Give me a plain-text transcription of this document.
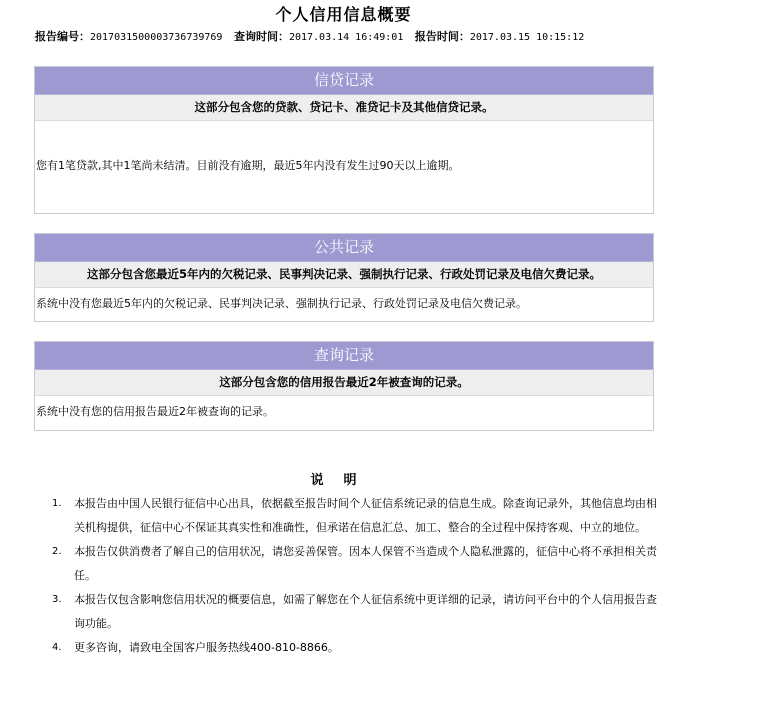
个人信用信息概要
报告编号：2017031500003736739769 查询时间：2017.03.14 16:49:01 报告时间：2017.03.15 10:15:12
信贷记录
这部分包含您的贷款、贷记卡、准贷记卡及其他信贷记录。
您有1笔贷款,其中1笔尚未结清。目前没有逾期，最近5年内没有发生过90天以上逾期。
公共记录
这部分包含您最近5年内的欠税记录、民事判决记录、强制执行记录、行政处罚记录及电信欠费记录。
系统中没有您最近5年内的欠税记录、民事判决记录、强制执行记录、行政处罚记录及电信欠费记录。
查询记录
这部分包含您的信用报告最近2年被查询的记录。
系统中没有您的信用报告最近2年被查询的记录。
说明
1. 本报告由中国人民银行征信中心出具，依据截至报告时间个人征信系统记录的信息生成。除查询记录外，其他信息均由相关机构提供，征信中心不保证其真实性和准确性，但承诺在信息汇总、加工、整合的全过程中保持客观、中立的地位。
2. 本报告仅供消费者了解自己的信用状况，请您妥善保管。因本人保管不当造成个人隐私泄露的，征信中心将不承担相关责任。
3. 本报告仅包含影响您信用状况的概要信息，如需了解您在个人征信系统中更详细的记录，请访问平台中的个人信用报告查询功能。
4. 更多咨询，请致电全国客户服务热线400-810-8866。
